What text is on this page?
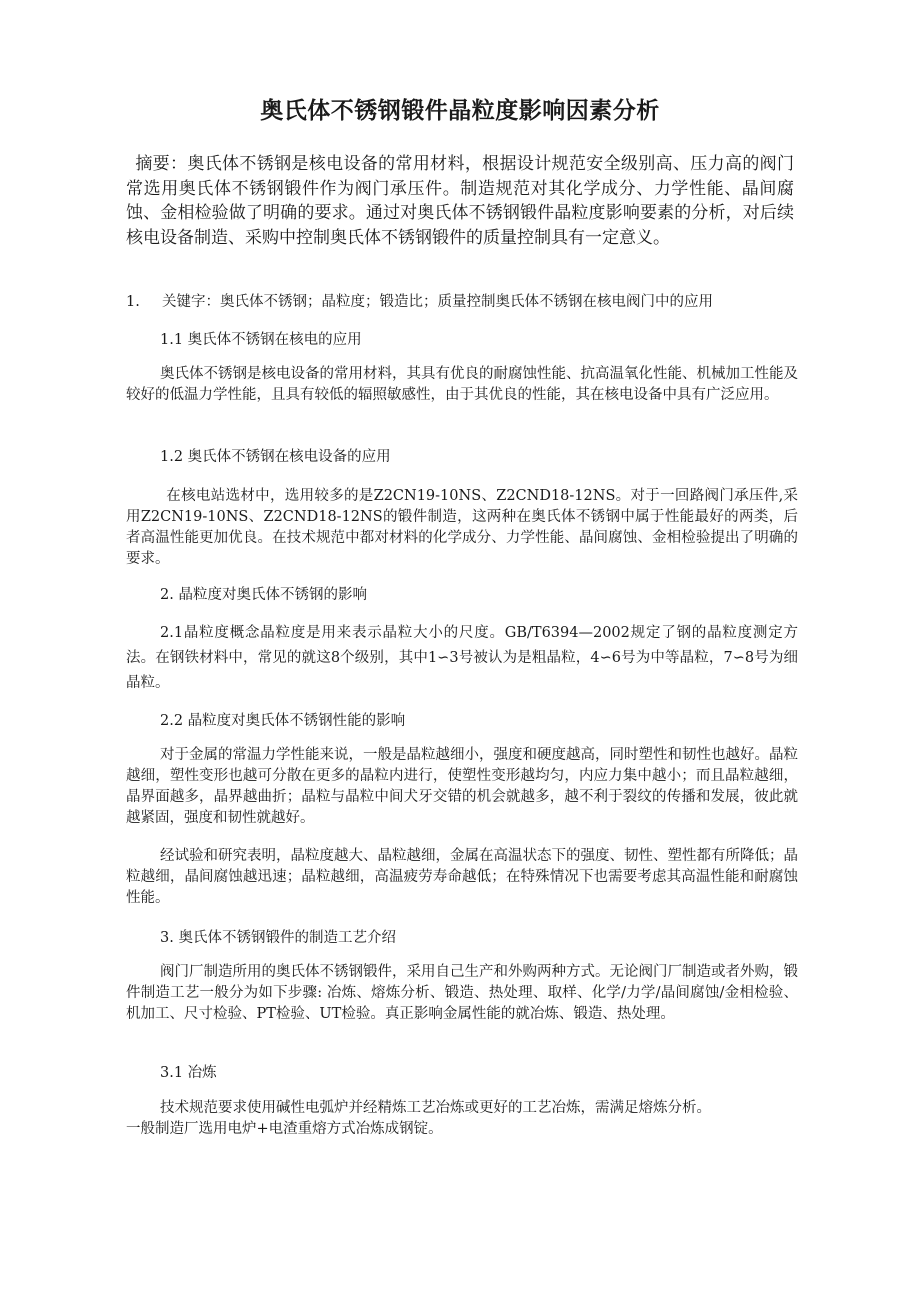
奥氏体不锈钢锻件晶粒度影响因素分析
摘要：奥氏体不锈钢是核电设备的常用材料，根据设计规范安全级别高、压力高的阀门常选用奥氏体不锈钢锻件作为阀门承压件。制造规范对其化学成分、力学性能、晶间腐蚀、金相检验做了明确的要求。通过对奥氏体不锈钢锻件晶粒度影响要素的分析，对后续核电设备制造、采购中控制奥氏体不锈钢锻件的质量控制具有一定意义。
1. 关键字：奥氏体不锈钢；晶粒度；锻造比；质量控制奥氏体不锈钢在核电阀门中的应用
1.1 奥氏体不锈钢在核电的应用
奥氏体不锈钢是核电设备的常用材料，其具有优良的耐腐蚀性能、抗高温氧化性能、机械加工性能及较好的低温力学性能，且具有较低的辐照敏感性，由于其优良的性能，其在核电设备中具有广泛应用。
1.2 奥氏体不锈钢在核电设备的应用
在核电站选材中，选用较多的是Z2CN19-10NS、Z2CND18-12NS。对于一回路阀门承压件,采用Z2CN19-10NS、Z2CND18-12NS的锻件制造，这两种在奥氏体不锈钢中属于性能最好的两类，后者高温性能更加优良。在技术规范中都对材料的化学成分、力学性能、晶间腐蚀、金相检验提出了明确的要求。
2. 晶粒度对奥氏体不锈钢的影响
2.1晶粒度概念晶粒度是用来表示晶粒大小的尺度。GB/T6394—2002规定了钢的晶粒度测定方法。在钢铁材料中，常见的就这8个级别，其中1∽3号被认为是粗晶粒，4∽6号为中等晶粒，7∽8号为细晶粒。
2.2 晶粒度对奥氏体不锈钢性能的影响
对于金属的常温力学性能来说，一般是晶粒越细小，强度和硬度越高，同时塑性和韧性也越好。晶粒越细，塑性变形也越可分散在更多的晶粒内进行，使塑性变形越均匀，内应力集中越小；而且晶粒越细，晶界面越多，晶界越曲折；晶粒与晶粒中间犬牙交错的机会就越多，越不利于裂纹的传播和发展，彼此就越紧固，强度和韧性就越好。
经试验和研究表明，晶粒度越大、晶粒越细，金属在高温状态下的强度、韧性、塑性都有所降低；晶粒越细，晶间腐蚀越迅速；晶粒越细，高温疲劳寿命越低；在特殊情况下也需要考虑其高温性能和耐腐蚀性能。
3. 奥氏体不锈钢锻件的制造工艺介绍
阀门厂制造所用的奥氏体不锈钢锻件，采用自己生产和外购两种方式。无论阀门厂制造或者外购，锻件制造工艺一般分为如下步骤: 冶炼、熔炼分析、锻造、热处理、取样、化学/力学/晶间腐蚀/金相检验、机加工、尺寸检验、PT检验、UT检验。真正影响金属性能的就冶炼、锻造、热处理。
3.1 冶炼
技术规范要求使用碱性电弧炉并经精炼工艺冶炼或更好的工艺冶炼，需满足熔炼分析。
一般制造厂选用电炉+电渣重熔方式冶炼成钢锭。
